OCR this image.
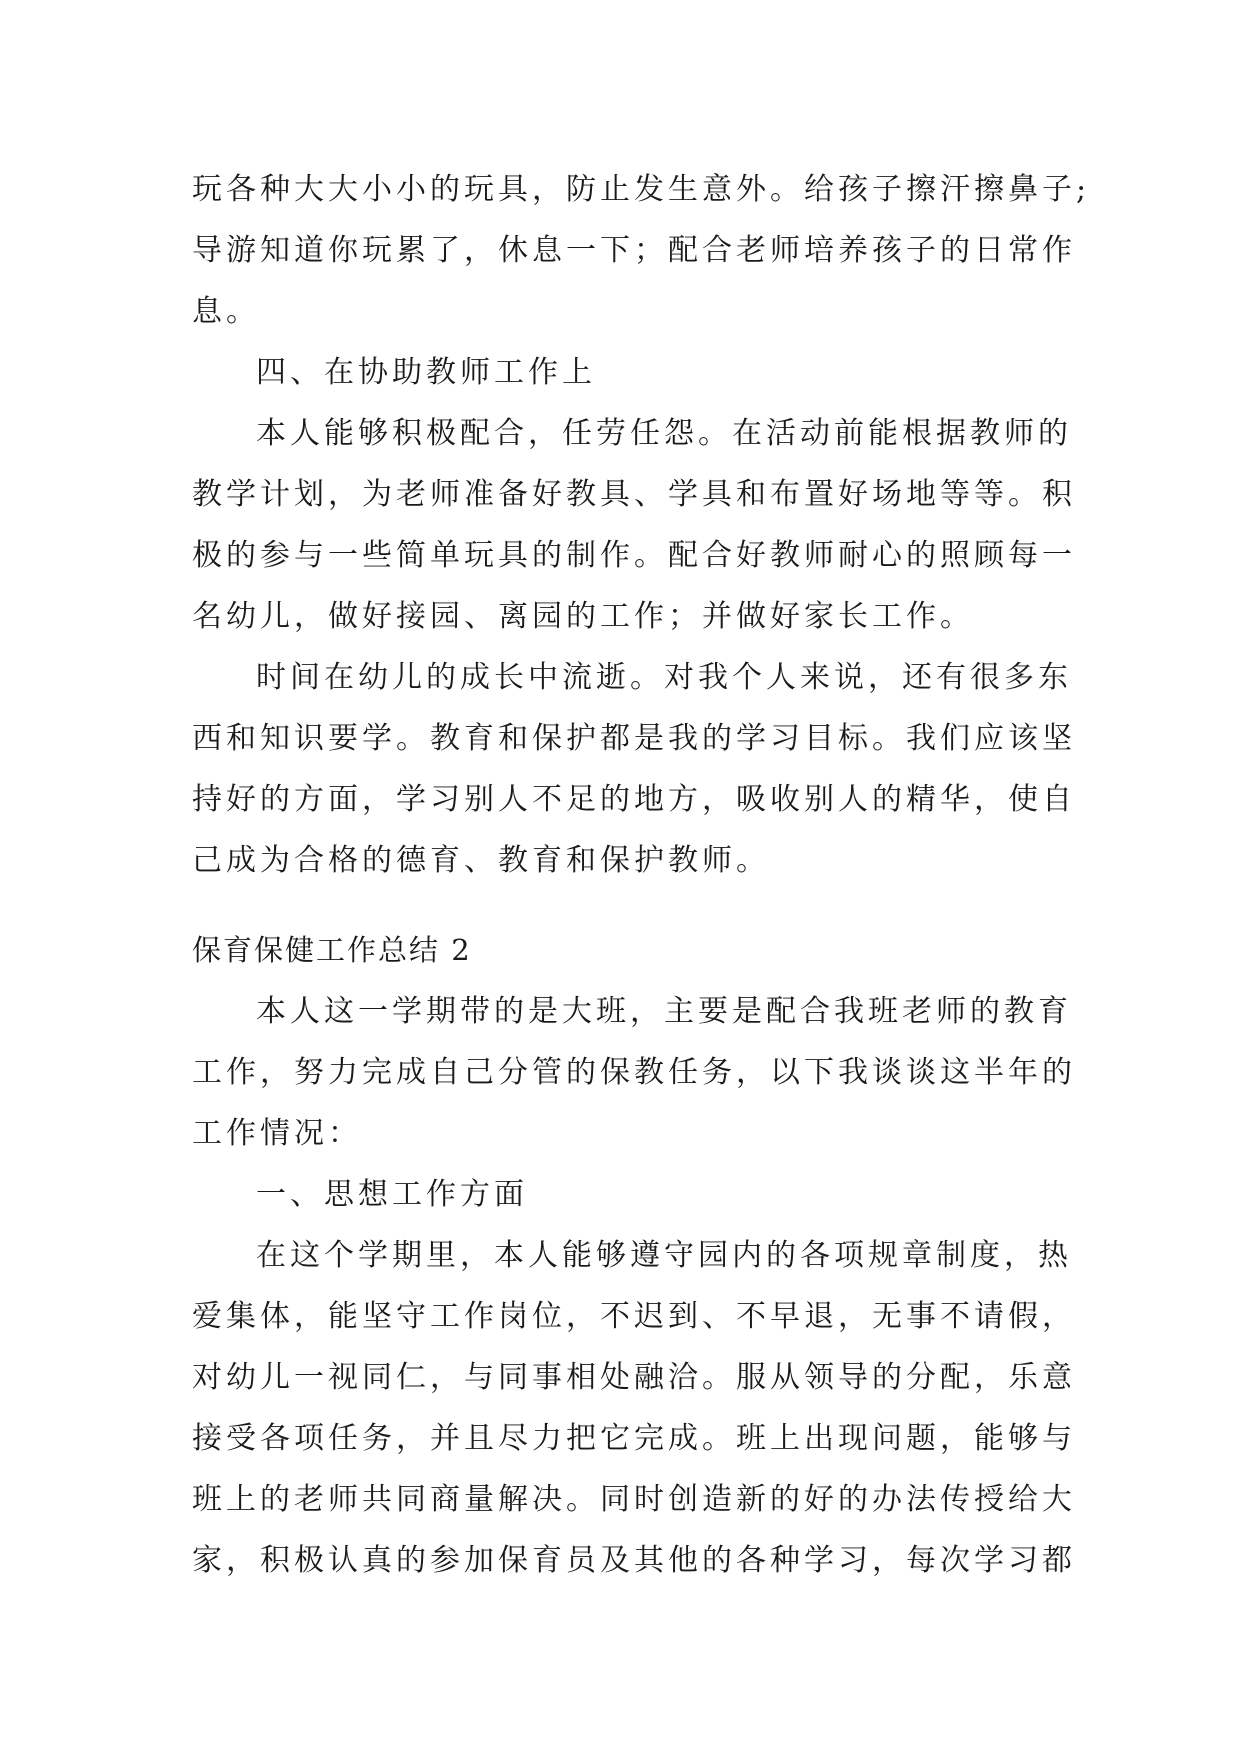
玩各种大大小小的玩具，防止发生意外。给孩子擦汗擦鼻子;
导游知道你玩累了，休息一下；配合老师培养孩子的日常作
息。
四、在协助教师工作上
本人能够积极配合，任劳任怨。在活动前能根据教师的
教学计划，为老师准备好教具、学具和布置好场地等等。积
极的参与一些简单玩具的制作。配合好教师耐心的照顾每一
名幼儿，做好接园、离园的工作；并做好家长工作。
时间在幼儿的成长中流逝。对我个人来说，还有很多东
西和知识要学。教育和保护都是我的学习目标。我们应该坚
持好的方面，学习别人不足的地方，吸收别人的精华，使自
己成为合格的德育、教育和保护教师。
保育保健工作总结 2
本人这一学期带的是大班，主要是配合我班老师的教育
工作，努力完成自己分管的保教任务，以下我谈谈这半年的
工作情况：
一、思想工作方面
在这个学期里，本人能够遵守园内的各项规章制度，热
爱集体，能坚守工作岗位，不迟到、不早退，无事不请假，
对幼儿一视同仁，与同事相处融洽。服从领导的分配，乐意
接受各项任务，并且尽力把它完成。班上出现问题，能够与
班上的老师共同商量解决。同时创造新的好的办法传授给大
家，积极认真的参加保育员及其他的各种学习，每次学习都
